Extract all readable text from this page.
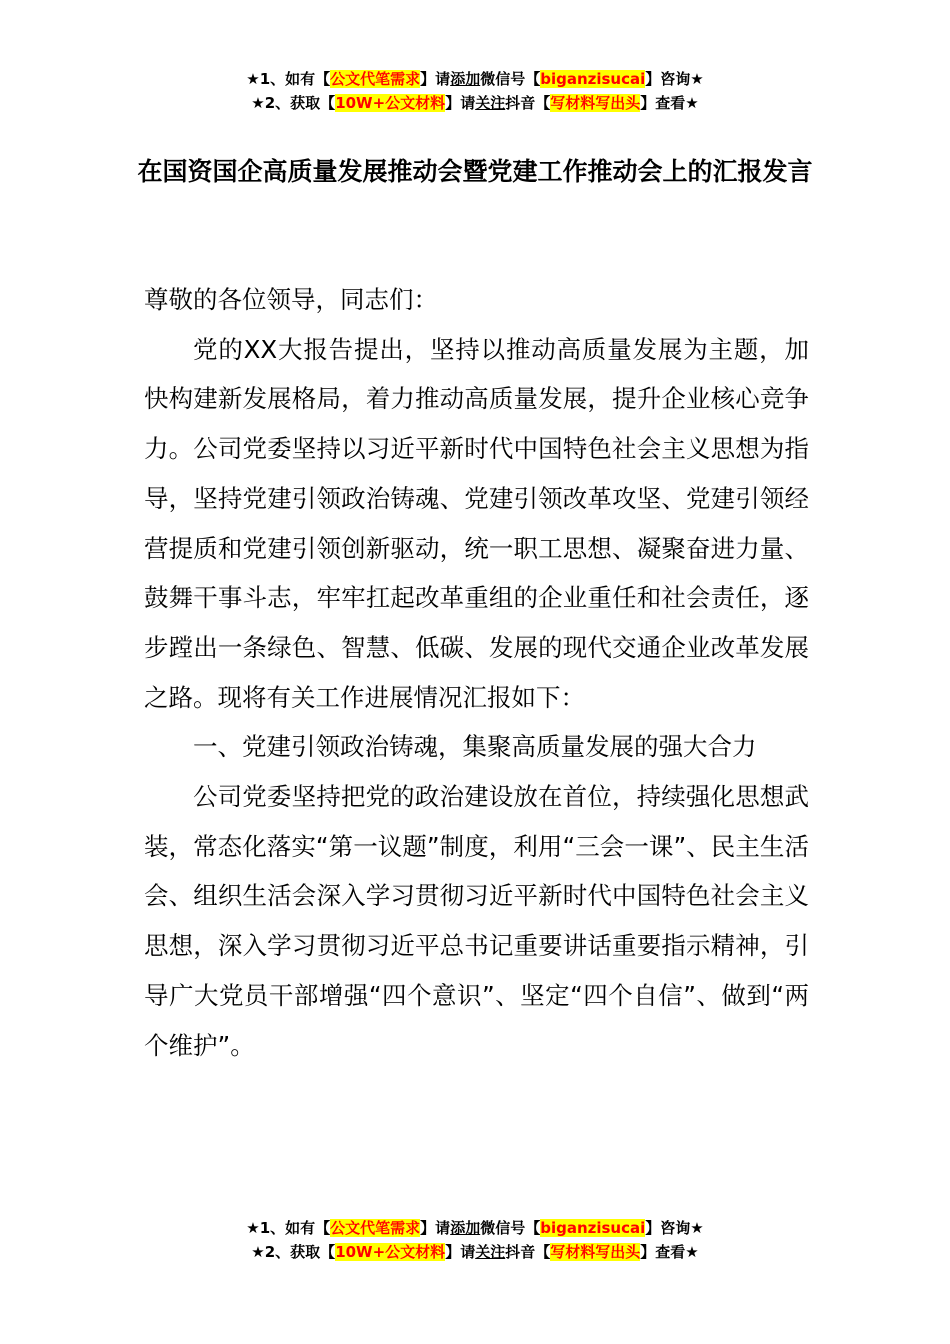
★1、如有【公文代笔需求】请添加微信号【biganzisucai】咨询★
★2、获取【10W+公文材料】请关注抖音【写材料写出头】查看★
在国资国企高质量发展推动会暨党建工作推动会上的汇报发言

尊敬的各位领导，同志们：

党的XX大报告提出，坚持以推动高质量发展为主题，加快构建新发展格局，着力推动高质量发展，提升企业核心竞争力。公司党委坚持以习近平新时代中国特色社会主义思想为指导，坚持党建引领政治铸魂、党建引领改革攻坚、党建引领经营提质和党建引领创新驱动，统一职工思想、凝聚奋进力量、鼓舞干事斗志，牢牢扛起改革重组的企业重任和社会责任，逐步蹚出一条绿色、智慧、低碳、发展的现代交通企业改革发展之路。现将有关工作进展情况汇报如下：

一、党建引领政治铸魂，集聚高质量发展的强大合力

公司党委坚持把党的政治建设放在首位，持续强化思想武装，常态化落实“第一议题”制度，利用“三会一课”、民主生活会、组织生活会深入学习贯彻习近平新时代中国特色社会主义思想，深入学习贯彻习近平总书记重要讲话重要指示精神，引导广大党员干部增强“四个意识”、坚定“四个自信”、做到“两个维护”。

★1、如有【公文代笔需求】请添加微信号【biganzisucai】咨询★
★2、获取【10W+公文材料】请关注抖音【写材料写出头】查看★
